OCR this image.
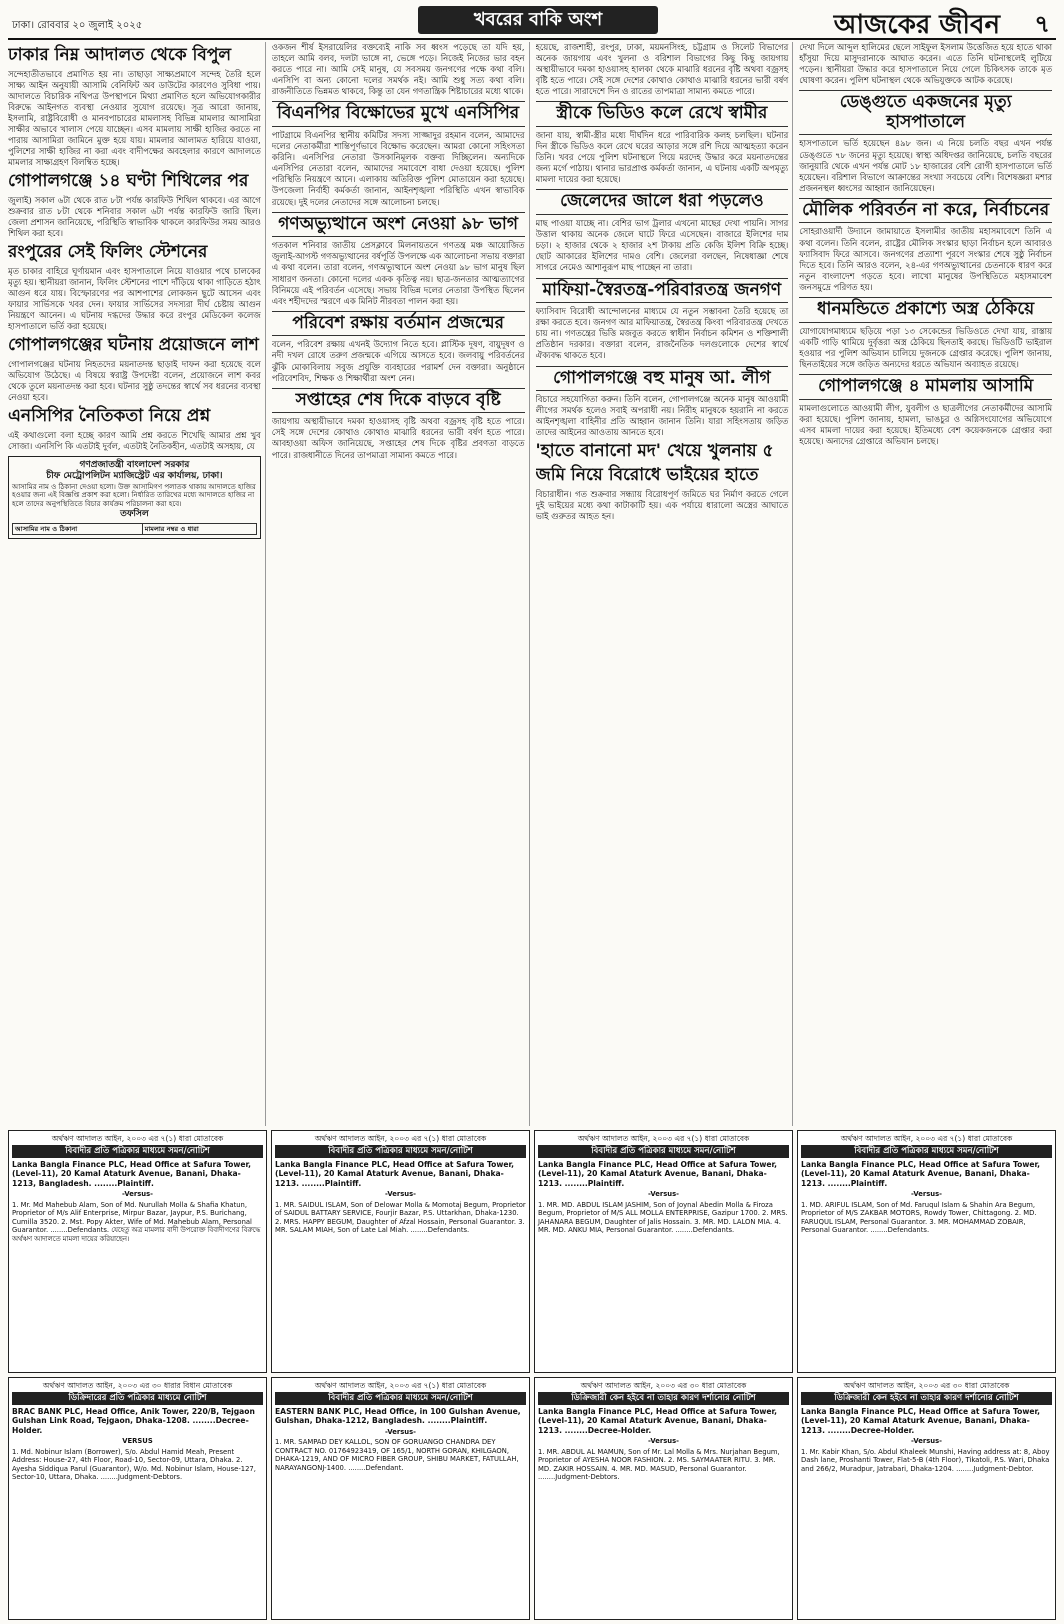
ঢাকা। রোববার ২০ জুলাই ২০২৫	খবরের বাকি অংশ	আজকের জীবন ৭
ঢাকার নিম্ন আদালত থেকে বিপুল

সন্দেহাতীতভাবে প্রমাণিত হয় না। তাছাড়া সাক্ষ্যপ্রমাণে সন্দেহ তৈরি হলে সাক্ষ্য আইন অনুযায়ী আসামি বেনিফিট অব ডাউটের কারণেও সুবিধা পায়। আদালতে বিচারিক নথিপত্র উপস্থাপনে মিথ্যা প্রমাণিত হলে অভিযোগকারীর বিরুদ্ধে আইনগত ব্যবস্থা নেওয়ার সুযোগ রয়েছে। সূত্র আরো জানায়, ইসলামি, রাষ্ট্রবিরোধী ও মানবপাচারের মামলাসহ বিভিন্ন মামলার আসামিরা সাক্ষীর অভাবে খালাস পেয়ে যাচ্ছেন। এসব মামলায় সাক্ষী হাজির করতে না পারায় আসামিরা জামিনে মুক্ত হয়ে যায়। মামলার আলামত হারিয়ে যাওয়া, পুলিশের সাক্ষী হাজির না করা এবং বাদীপক্ষের অবহেলার কারণে আদালতে মামলার সাক্ষ্যগ্রহণ বিলম্বিত হচ্ছে।

গোপালগঞ্জে ১৪ ঘণ্টা শিথিলের পর

জুলাই) সকাল ৬টা থেকে রাত ৮টা পর্যন্ত কারফিউ শিথিল থাকবে। এর আগে শুক্রবার রাত ৮টা থেকে শনিবার সকাল ৬টা পর্যন্ত কারফিউ জারি ছিল। জেলা প্রশাসন জানিয়েছে, পরিস্থিতি স্বাভাবিক থাকলে কারফিউর সময় আরও শিথিল করা হবে।

রংপুরের সেই ফিলিং স্টেশনের

মৃত চাকার বাহিরে ঘূর্ণায়মান এবং হাসপাতালে নিয়ে যাওয়ার পথে চালকের মৃত্যু হয়। স্থানীয়রা জানান, ফিলিং স্টেশনের পাশে দাঁড়িয়ে থাকা গাড়িতে হঠাৎ আগুন ধরে যায়। বিস্ফোরণের পর আশপাশের লোকজন ছুটে আসেন এবং ফায়ার সার্ভিসকে খবর দেন। ফায়ার সার্ভিসের সদস্যরা দীর্ঘ চেষ্টায় আগুন নিয়ন্ত্রণে আনেন। এ ঘটনায় দগ্ধদের উদ্ধার করে রংপুর মেডিকেল কলেজ হাসপাতালে ভর্তি করা হয়েছে।

গোপালগঞ্জের ঘটনায় প্রয়োজনে লাশ

গোপালগঞ্জের ঘটনায় নিহতদের ময়নাতদন্ত ছাড়াই দাফন করা হয়েছে বলে অভিযোগ উঠেছে। এ বিষয়ে স্বরাষ্ট্র উপদেষ্টা বলেন, প্রয়োজনে লাশ কবর থেকে তুলে ময়নাতদন্ত করা হবে। ঘটনার সুষ্ঠু তদন্তের স্বার্থে সব ধরনের ব্যবস্থা নেওয়া হবে।

এনসিপির নৈতিকতা নিয়ে প্রশ্ন

এই কথাগুলো বলা হচ্ছে কারণ আমি প্রশ্ন করতে শিখেছি আমার প্রশ্ন খুব সোজা। এনসিপি কি এতটাই দুর্বল, এতটাই নৈতিকহীন, এতটাই অসহায়, যে

গণপ্রজাতন্ত্রী বাংলাদেশ সরকার
চীফ মেট্রোপলিটন ম্যাজিস্ট্রেট এর কার্যালয়, ঢাকা।
আসামির নাম ও ঠিকানা দেওয়া হলো। উক্ত আসামিগণ পলাতক থাকায় আদালতে হাজির হওয়ার জন্য এই বিজ্ঞপ্তি প্রকাশ করা হলো। নির্ধারিত তারিখের মধ্যে আদালতে হাজির না হলে তাদের অনুপস্থিতিতে বিচার কার্যক্রম পরিচালনা করা হবে।
তফসিল
আসামির নাম ও ঠিকানা	মামলার নম্বর ও ধারা

ওকজন শীর্ষ ইসরায়েলির বক্তব্যেই নাকি সব ধ্বংস পড়েছে তা যদি হয়, তাহলে আমি বলব, দলটা ভাঙ্গে না, ভেঙ্গে পড়ে। নিজেই নিজের ভার বহন করতে পারে না। আমি সেই মানুষ, যে সবসময় জনগণের পক্ষে কথা বলি। এনসিপি বা অন্য কোনো দলের সমর্থক নই। আমি শুধু সত্য কথা বলি। রাজনীতিতে ভিন্নমত থাকবে, কিন্তু তা যেন গণতান্ত্রিক শিষ্টাচারের মধ্যে থাকে।

বিএনপির বিক্ষোভের মুখে এনসিপির

পাটগ্রামে বিএনপির স্থানীয় কমিটির সদস্য সাজ্জাদুর রহমান বলেন, আমাদের দলের নেতাকর্মীরা শান্তিপূর্ণভাবে বিক্ষোভ করেছেন। আমরা কোনো সহিংসতা করিনি। এনসিপির নেতারা উসকানিমূলক বক্তব্য দিচ্ছিলেন। অন্যদিকে এনসিপির নেতারা বলেন, আমাদের সমাবেশে বাধা দেওয়া হয়েছে। পুলিশ পরিস্থিতি নিয়ন্ত্রণে আনে। এলাকায় অতিরিক্ত পুলিশ মোতায়েন করা হয়েছে। উপজেলা নির্বাহী কর্মকর্তা জানান, আইনশৃঙ্খলা পরিস্থিতি এখন স্বাভাবিক রয়েছে। দুই দলের নেতাদের সঙ্গে আলোচনা চলছে।

গণঅভ্যুত্থানে অংশ নেওয়া ৯৮ ভাগ

গতকাল শনিবার জাতীয় প্রেসক্লাবে মিলনায়তনে গণতন্ত্র মঞ্চ আয়োজিত জুলাই-আগস্ট গণঅভ্যুত্থানের বর্ষপূর্তি উপলক্ষে এক আলোচনা সভায় বক্তারা এ কথা বলেন। তারা বলেন, গণঅভ্যুত্থানে অংশ নেওয়া ৯৮ ভাগ মানুষ ছিল সাধারণ জনতা। কোনো দলের একক কৃতিত্ব নয়। ছাত্র-জনতার আত্মত্যাগের বিনিময়ে এই পরিবর্তন এসেছে। সভায় বিভিন্ন দলের নেতারা উপস্থিত ছিলেন এবং শহীদদের স্মরণে এক মিনিট নীরবতা পালন করা হয়।

পরিবেশ রক্ষায় বর্তমান প্রজন্মের

বলেন, পরিবেশ রক্ষায় এখনই উদ্যোগ নিতে হবে। প্লাস্টিক দূষণ, বায়ুদূষণ ও নদী দখল রোধে তরুণ প্রজন্মকে এগিয়ে আসতে হবে। জলবায়ু পরিবর্তনের ঝুঁকি মোকাবিলায় সবুজ প্রযুক্তি ব্যবহারের পরামর্শ দেন বক্তারা। অনুষ্ঠানে পরিবেশবিদ, শিক্ষক ও শিক্ষার্থীরা অংশ নেন।

সপ্তাহের শেষ দিকে বাড়বে বৃষ্টি

জায়গায় অস্থায়ীভাবে দমকা হাওয়াসহ বৃষ্টি অথবা বজ্রসহ বৃষ্টি হতে পারে। সেই সঙ্গে দেশের কোথাও কোথাও মাঝারি ধরনের ভারী বর্ষণ হতে পারে। আবহাওয়া অফিস জানিয়েছে, সপ্তাহের শেষ দিকে বৃষ্টির প্রবণতা বাড়তে পারে। রাজধানীতে দিনের তাপমাত্রা সামান্য কমতে পারে।

হয়েছে, রাজশাহী, রংপুর, ঢাকা, ময়মনসিংহ, চট্টগ্রাম ও সিলেট বিভাগের অনেক জায়গায় এবং খুলনা ও বরিশাল বিভাগের কিছু কিছু জায়গায় অস্থায়ীভাবে দমকা হাওয়াসহ হালকা থেকে মাঝারি ধরনের বৃষ্টি অথবা বজ্রসহ বৃষ্টি হতে পারে। সেই সঙ্গে দেশের কোথাও কোথাও মাঝারি ধরনের ভারী বর্ষণ হতে পারে। সারাদেশে দিন ও রাতের তাপমাত্রা সামান্য কমতে পারে।

স্ত্রীকে ভিডিও কলে রেখে স্বামীর

জানা যায়, স্বামী-স্ত্রীর মধ্যে দীর্ঘদিন ধরে পারিবারিক কলহ চলছিল। ঘটনার দিন স্ত্রীকে ভিডিও কলে রেখে ঘরের আড়ার সঙ্গে রশি দিয়ে আত্মহত্যা করেন তিনি। খবর পেয়ে পুলিশ ঘটনাস্থলে গিয়ে মরদেহ উদ্ধার করে ময়নাতদন্তের জন্য মর্গে পাঠায়। থানার ভারপ্রাপ্ত কর্মকর্তা জানান, এ ঘটনায় একটি অপমৃত্যু মামলা দায়ের করা হয়েছে।

জেলেদের জালে ধরা পড়লেও

মাছ পাওয়া যাচ্ছে না। বেশির ভাগ ট্রলার এখনো মাছের দেখা পায়নি। সাগর উত্তাল থাকায় অনেক জেলে ঘাটে ফিরে এসেছেন। বাজারে ইলিশের দাম চড়া। ২ হাজার থেকে ২ হাজার ২শ টাকায় প্রতি কেজি ইলিশ বিক্রি হচ্ছে। ছোট আকারের ইলিশের দামও বেশি। জেলেরা বলছেন, নিষেধাজ্ঞা শেষে সাগরে নেমেও আশানুরূপ মাছ পাচ্ছেন না তারা।

মাফিয়া-স্বৈরতন্ত্র-পরিবারতন্ত্র জনগণ

ফ্যাসিবাদ বিরোধী আন্দোলনের মাধ্যমে যে নতুন সম্ভাবনা তৈরি হয়েছে তা রক্ষা করতে হবে। জনগণ আর মাফিয়াতন্ত্র, স্বৈরতন্ত্র কিংবা পরিবারতন্ত্র দেখতে চায় না। গণতন্ত্রের ভিত্তি মজবুত করতে স্বাধীন নির্বাচন কমিশন ও শক্তিশালী প্রতিষ্ঠান দরকার। বক্তারা বলেন, রাজনৈতিক দলগুলোকে দেশের স্বার্থে ঐক্যবদ্ধ থাকতে হবে।

গোপালগঞ্জে বহু মানুষ আ. লীগ

বিচারে সহযোগিতা করুন। তিনি বলেন, গোপালগঞ্জে অনেক মানুষ আওয়ামী লীগের সমর্থক হলেও সবাই অপরাধী নয়। নিরীহ মানুষকে হয়রানি না করতে আইনশৃঙ্খলা বাহিনীর প্রতি আহ্বান জানান তিনি। যারা সহিংসতায় জড়িত তাদের আইনের আওতায় আনতে হবে।

'হাতে বানানো মদ' খেয়ে খুলনায় ৫
জমি নিয়ে বিরোধে ভাইয়ের হাতে

বিচারাধীন। গত শুক্রবার সন্ধ্যায় বিরোধপূর্ণ জমিতে ঘর নির্মাণ করতে গেলে দুই ভাইয়ের মধ্যে কথা কাটাকাটি হয়। এক পর্যায়ে ধারালো অস্ত্রের আঘাতে ভাই গুরুতর আহত হন।

দেখা দিলে আব্দুল হালিমের ছেলে সাইফুল ইসলাম উত্তেজিত হয়ে হাতে থাকা হাঁসুয়া দিয়ে মাসুদরানাকে আঘাত করেন। এতে তিনি ঘটনাস্থলেই লুটিয়ে পড়েন। স্থানীয়রা উদ্ধার করে হাসপাতালে নিয়ে গেলে চিকিৎসক তাকে মৃত ঘোষণা করেন। পুলিশ ঘটনাস্থল থেকে অভিযুক্তকে আটক করেছে।

ডেঙ্গুতে একজনের মৃত্যু হাসপাতালে

হাসপাতালে ভর্তি হয়েছেন ৪৯৮ জন। এ নিয়ে চলতি বছর এখন পর্যন্ত ডেঙ্গুতে ৭৮ জনের মৃত্যু হয়েছে। স্বাস্থ্য অধিদপ্তর জানিয়েছে, চলতি বছরের জানুয়ারি থেকে এখন পর্যন্ত মোট ১৮ হাজারের বেশি রোগী হাসপাতালে ভর্তি হয়েছেন। বরিশাল বিভাগে আক্রান্তের সংখ্যা সবচেয়ে বেশি। বিশেষজ্ঞরা মশার প্রজননস্থল ধ্বংসের আহ্বান জানিয়েছেন।

মৌলিক পরিবর্তন না করে, নির্বাচনের

সোহরাওয়ার্দী উদ্যানে জামায়াতে ইসলামীর জাতীয় মহাসমাবেশে তিনি এ কথা বলেন। তিনি বলেন, রাষ্ট্রের মৌলিক সংস্কার ছাড়া নির্বাচন হলে আবারও ফ্যাসিবাদ ফিরে আসবে। জনগণের প্রত্যাশা পূরণে সংস্কার শেষে সুষ্ঠু নির্বাচন দিতে হবে। তিনি আরও বলেন, ২৪-এর গণঅভ্যুত্থানের চেতনাকে ধারণ করে নতুন বাংলাদেশ গড়তে হবে। লাখো মানুষের উপস্থিতিতে মহাসমাবেশ জনসমুদ্রে পরিণত হয়।

ধানমন্ডিতে প্রকাশ্যে অস্ত্র ঠেকিয়ে

যোগাযোগমাধ্যমে ছড়িয়ে পড়া ১৩ সেকেন্ডের ভিডিওতে দেখা যায়, রাস্তায় একটি গাড়ি থামিয়ে দুর্বৃত্তরা অস্ত্র ঠেকিয়ে ছিনতাই করছে। ভিডিওটি ভাইরাল হওয়ার পর পুলিশ অভিযান চালিয়ে দুজনকে গ্রেপ্তার করেছে। পুলিশ জানায়, ছিনতাইয়ের সঙ্গে জড়িত অন্যদের ধরতে অভিযান অব্যাহত রয়েছে।

গোপালগঞ্জে ৪ মামলায় আসামি

মামলাগুলোতে আওয়ামী লীগ, যুবলীগ ও ছাত্রলীগের নেতাকর্মীদের আসামি করা হয়েছে। পুলিশ জানায়, হামলা, ভাঙচুর ও অগ্নিসংযোগের অভিযোগে এসব মামলা দায়ের করা হয়েছে। ইতিমধ্যে বেশ কয়েকজনকে গ্রেপ্তার করা হয়েছে। অন্যদের গ্রেপ্তারে অভিযান চলছে।

অর্থঋণ আদালত আইন, ২০০৩ এর ৭(১) ধারা মোতাবেক
বিবাদীর প্রতি পত্রিকার মাধ্যমে সমন/নোটিশ
Lanka Bangla Finance PLC, Head Office at Safura Tower, (Level-11), 20 Kamal Ataturk Avenue, Banani, Dhaka-1213, Bangladesh. ........Plaintiff.
-Versus-
1. Mr. Md Mahebub Alam, Son of Md. Nurullah Molla & Shafia Khatun, Proprietor of M/s Alif Enterprise, Mirpur Bazar, Jaypur, P.S. Burichang, Cumilla 3520. 2. Mst. Popy Akter, Wife of Md. Mahebub Alam, Personal Guarantor. ........Defendants. যেহেতু অত্র মামলার বাদী উপরোক্ত বিবাদীগণের বিরুদ্ধে অর্থঋণ আদালতে মামলা দায়ের করিয়াছেন।
অর্থঋণ আদালত আইন, ২০০৩ এর ৭(১) ধারা মোতাবেক
বিবাদীর প্রতি পত্রিকার মাধ্যমে সমন/নোটিশ
Lanka Bangla Finance PLC, Head Office at Safura Tower, (Level-11), 20 Kamal Ataturk Avenue, Banani, Dhaka-1213. ........Plaintiff.
-Versus-
1. MR. SAIDUL ISLAM, Son of Delowar Molla & Momotaj Begum, Proprietor of SAIDUL BATTARY SERVICE, Fourjir Bazar, P.S. Uttarkhan, Dhaka-1230. 2. MRS. HAPPY BEGUM, Daughter of Afzal Hossain, Personal Guarantor. 3. MR. SALAM MIAH, Son of Late Lal Miah. ........Defendants.
অর্থঋণ আদালত আইন, ২০০৩ এর ৭(১) ধারা মোতাবেক
বিবাদীর প্রতি পত্রিকার মাধ্যমে সমন/নোটিশ
Lanka Bangla Finance PLC, Head Office at Safura Tower, (Level-11), 20 Kamal Ataturk Avenue, Banani, Dhaka-1213. ........Plaintiff.
-Versus-
1. MR. MD. ABDUL ISLAM JASHIM, Son of Joynal Abedin Molla & Firoza Begum, Proprietor of M/S ALL MOLLA ENTERPRISE, Gazipur 1700. 2. MRS. JAHANARA BEGUM, Daughter of Jalis Hossain. 3. MR. MD. LALON MIA. 4. MR. MD. ANKU MIA, Personal Guarantor. ........Defendants.
অর্থঋণ আদালত আইন, ২০০৩ এর ৭(১) ধারা মোতাবেক
বিবাদীর প্রতি পত্রিকার মাধ্যমে সমন/নোটিশ
Lanka Bangla Finance PLC, Head Office at Safura Tower, (Level-11), 20 Kamal Ataturk Avenue, Banani, Dhaka-1213. ........Plaintiff.
-Versus-
1. MD. ARIFUL ISLAM, Son of Md. Faruqul Islam & Shahin Ara Begum, Proprietor of M/S ZAKBAR MOTORS, Rowdy Tower, Chittagong. 2. MD. FARUQUL ISLAM, Personal Guarantor. 3. MR. MOHAMMAD ZOBAIR, Personal Guarantor. ........Defendants.
অর্থঋণ আদালত আইন, ২০০৩ এর ৩০ ধারার বিধান মোতাবেক
ডিক্রিদারের প্রতি পত্রিকার মাধ্যমে নোটিশ
BRAC BANK PLC, Head Office, Anik Tower, 220/B, Tejgaon Gulshan Link Road, Tejgaon, Dhaka-1208. ........Decree-Holder.
VERSUS
1. Md. Nobinur Islam (Borrower), S/o. Abdul Hamid Meah, Present Address: House-27, 4th Floor, Road-10, Sector-09, Uttara, Dhaka. 2. Ayesha Siddiqua Parul (Guarantor), W/o. Md. Nobinur Islam, House-127, Sector-10, Uttara, Dhaka. ........Judgment-Debtors.
অর্থঋণ আদালত আইন, ২০০৩ এর ৭(১) ধারা মোতাবেক
বিবাদীর প্রতি পত্রিকার মাধ্যমে সমন/নোটিশ
EASTERN BANK PLC, Head Office, in 100 Gulshan Avenue, Gulshan, Dhaka-1212, Bangladesh. ........Plaintiff.
-Versus-
1. MR. SAMPAD DEY KALLOL, SON OF GORUANGO CHANDRA DEY CONTRACT NO. 01764923419, OF 165/1, NORTH GORAN, KHILGAON, DHAKA-1219, AND OF MICRO FIBER GROUP, SHIBU MARKET, FATULLAH, NARAYANGONJ-1400. ........Defendant.
অর্থঋণ আদালত আইন, ২০০৩ এর ৩০ ধারা মোতাবেক
ডিক্রিজারী কেন হইবে না তাহার কারণ দর্শানোর নোটিশ
Lanka Bangla Finance PLC, Head Office at Safura Tower, (Level-11), 20 Kamal Ataturk Avenue, Banani, Dhaka-1213. ........Decree-Holder.
-Versus-
1. MR. ABDUL AL MAMUN, Son of Mr. Lal Molla & Mrs. Nurjahan Begum, Proprietor of AYESHA NOOR FASHION. 2. MS. SAYMAATER RITU. 3. MR. MD. ZAKIR HOSSAIN. 4. MR. MD. MASUD, Personal Guarantor. ........Judgment-Debtors.
অর্থঋণ আদালত আইন, ২০০৩ এর ৩০ ধারা মোতাবেক
ডিক্রিজারী কেন হইবে না তাহার কারণ দর্শানোর নোটিশ
Lanka Bangla Finance PLC, Head Office at Safura Tower, (Level-11), 20 Kamal Ataturk Avenue, Banani, Dhaka-1213. ........Decree-Holder.
-Versus-
1. Mr. Kabir Khan, S/o. Abdul Khaleek Munshi, Having address at: 8, Aboy Dash lane, Proshanti Tower, Flat-5-B (4th Floor), Tikatoli, P.S. Wari, Dhaka and 266/2, Muradpur, Jatrabari, Dhaka-1204. ........Judgment-Debtor.
